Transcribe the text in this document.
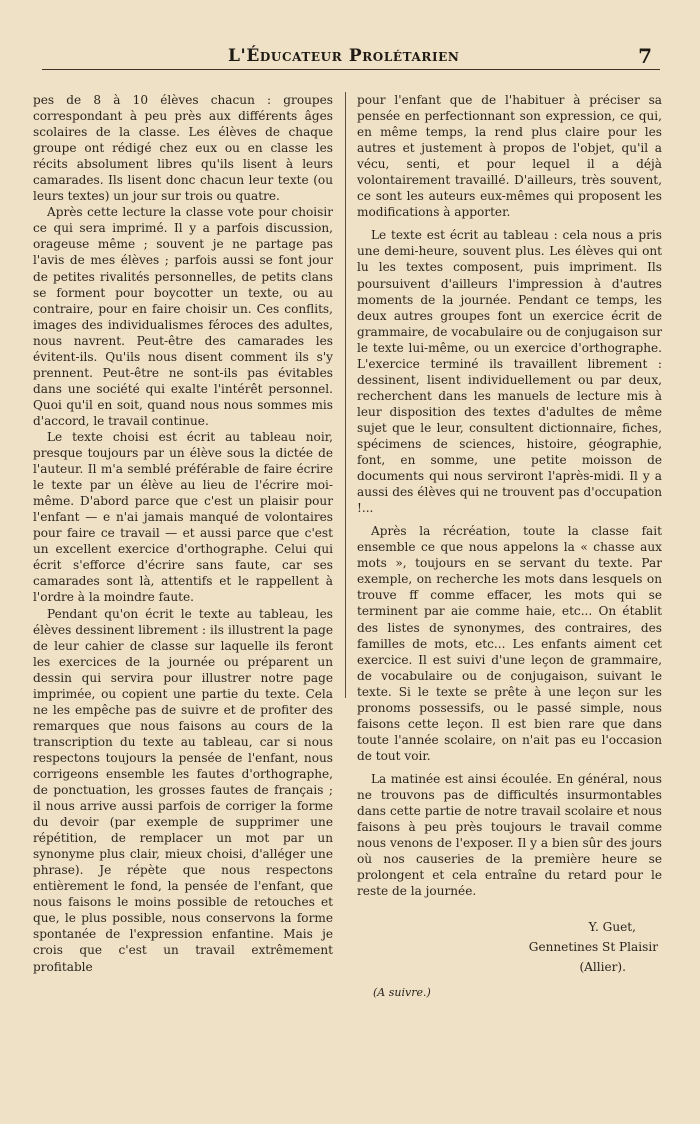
L'Éducateur Prolétarien	7

pes de 8 à 10 élèves chacun : groupes correspondant à peu près aux différents âges scolaires de la classe. Les élèves de chaque groupe ont rédigé chez eux ou en classe les récits absolument libres qu'ils lisent à leurs camarades. Ils lisent donc chacun leur texte (ou leurs textes) un jour sur trois ou quatre.

Après cette lecture la classe vote pour choisir ce qui sera imprimé. Il y a parfois discussion, orageuse même ; souvent je ne partage pas l'avis de mes élèves ; parfois aussi se font jour de petites rivalités personnelles, de petits clans se forment pour boycotter un texte, ou au contraire, pour en faire choisir un. Ces conflits, images des individualismes féroces des adultes, nous navrent. Peut-être des camarades les évitent-ils. Qu'ils nous disent comment ils s'y prennent. Peut-être ne sont-ils pas évitables dans une société qui exalte l'intérêt personnel. Quoi qu'il en soit, quand nous nous sommes mis d'accord, le travail continue.

Le texte choisi est écrit au tableau noir, presque toujours par un élève sous la dictée de l'auteur. Il m'a semblé préférable de faire écrire le texte par un élève au lieu de l'écrire moi-même. D'abord parce que c'est un plaisir pour l'enfant — e n'ai jamais manqué de volontaires pour faire ce travail — et aussi parce que c'est un excellent exercice d'orthographe. Celui qui écrit s'efforce d'écrire sans faute, car ses camarades sont là, attentifs et le rappellent à l'ordre à la moindre faute.

Pendant qu'on écrit le texte au tableau, les élèves dessinent librement : ils illustrent la page de leur cahier de classe sur laquelle ils feront les exercices de la journée ou préparent un dessin qui servira pour illustrer notre page imprimée, ou copient une partie du texte. Cela ne les empêche pas de suivre et de profiter des remarques que nous faisons au cours de la transcription du texte au tableau, car si nous respectons toujours la pensée de l'enfant, nous corrigeons ensemble les fautes d'orthographe, de ponctuation, les grosses fautes de français ; il nous arrive aussi parfois de corriger la forme du devoir (par exemple de supprimer une répétition, de remplacer un mot par un synonyme plus clair, mieux choisi, d'alléger une phrase). Je répète que nous respectons entièrement le fond, la pensée de l'enfant, que nous faisons le moins possible de retouches et que, le plus possible, nous conservons la forme spontanée de l'expression enfantine. Mais je crois que c'est un travail extrêmement profitable

pour l'enfant que de l'habituer à préciser sa pensée en perfectionnant son expression, ce qui, en même temps, la rend plus claire pour les autres et justement à propos de l'objet, qu'il a vécu, senti, et pour lequel il a déjà volontairement travaillé. D'ailleurs, très souvent, ce sont les auteurs eux-mêmes qui proposent les modifications à apporter.

Le texte est écrit au tableau : cela nous a pris une demi-heure, souvent plus. Les élèves qui ont lu les textes composent, puis impriment. Ils poursuivent d'ailleurs l'impression à d'autres moments de la journée. Pendant ce temps, les deux autres groupes font un exercice écrit de grammaire, de vocabulaire ou de conjugaison sur le texte lui-même, ou un exercice d'orthographe. L'exercice terminé ils travaillent librement : dessinent, lisent individuellement ou par deux, recherchent dans les manuels de lecture mis à leur disposition des textes d'adultes de même sujet que le leur, consultent dictionnaire, fiches, spécimens de sciences, histoire, géographie, font, en somme, une petite moisson de documents qui nous serviront l'après-midi. Il y a aussi des élèves qui ne trouvent pas d'occupation !...

Après la récréation, toute la classe fait ensemble ce que nous appelons la « chasse aux mots », toujours en se servant du texte. Par exemple, on recherche les mots dans lesquels on trouve ff comme effacer, les mots qui se terminent par aie comme haie, etc... On établit des listes de synonymes, des contraires, des familles de mots, etc... Les enfants aiment cet exercice. Il est suivi d'une leçon de grammaire, de vocabulaire ou de conjugaison, suivant le texte. Si le texte se prête à une leçon sur les pronoms possessifs, ou le passé simple, nous faisons cette leçon. Il est bien rare que dans toute l'année scolaire, on n'ait pas eu l'occasion de tout voir.

La matinée est ainsi écoulée. En général, nous ne trouvons pas de difficultés insurmontables dans cette partie de notre travail scolaire et nous faisons à peu près toujours le travail comme nous venons de l'exposer. Il y a bien sûr des jours où nos causeries de la première heure se prolongent et cela entraîne du retard pour le reste de la journée.

Y. Guet,
Gennetines St Plaisir
(Allier).
(A suivre.)
